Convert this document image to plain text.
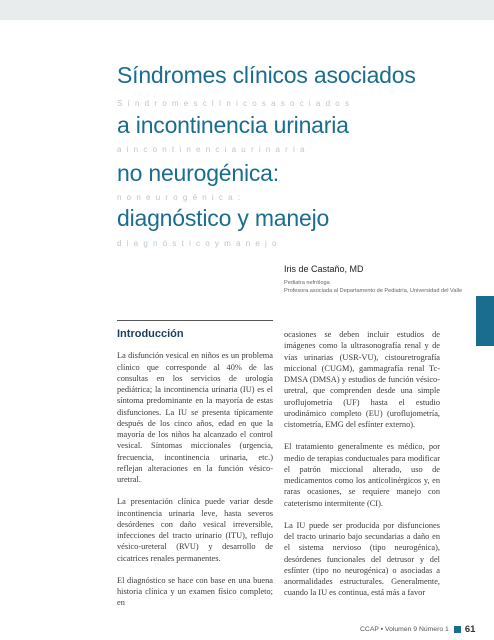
Síndromes clínicos asociados
S í n d r o m e s c l í n i c o s a s o c i a d o s
a incontinencia urinaria
a i n c o n t i n e n c i a u r i n a r i a
no neurogénica:
n o n e u r o g é n i c a :
diagnóstico y manejo
d i a g n ó s t i c o y m a n e j o
Iris de Castaño, MD
Pediatra nefróloga
Profesora asociada al Departamento de Pediatría, Universidad del Valle
Introducción

La disfunción vesical en niños es un problema clínico que corresponde al 40% de las consultas en los servicios de urología pediátrica; la incontinencia urinaria (IU) es el síntoma predominante en la mayoría de estas disfunciones. La IU se presenta típicamente después de los cinco años, edad en que la mayoría de los niños ha alcanzado el control vesical. Síntomas miccionales (urgencia, frecuencia, incontinencia urinaria, etc.) reflejan alteraciones en la función vésico-uretral.

La presentación clínica puede variar desde incontinencia urinaria leve, hasta severos desórdenes con daño vesical irreversible, infecciones del tracto urinario (ITU), reflujo vésico-ureteral (RVU) y desarrollo de cicatrices renales permanentes.

El diagnóstico se hace con base en una buena historia clínica y un examen físico completo; en

ocasiones se deben incluir estudios de imágenes como la ultrasonografía renal y de vías urinarias (USR-VU), cistouretrografía miccional (CUGM), gammagrafía renal Tc-DMSA (DMSA) y estudios de función vésico-uretral, que comprenden desde una simple uroflujometría (UF) hasta el estudio urodinámico completo (EU) (uroflujometría, cistometría, EMG del esfínter externo).

El tratamiento generalmente es médico, por medio de terapias conductuales para modificar el patrón miccional alterado, uso de medicamentos como los anticolinérgicos y, en raras ocasiones, se requiere manejo con cateterismo intermitente (CI).

La IU puede ser producida por disfunciones del tracto urinario bajo secundarias a daño en el sistema nervioso (tipo neurogénica), desórdenes funcionales del detrusor y del esfínter (tipo no neurogénica) o asociadas a anormalidades estructurales. Generalmente, cuando la IU es continua, está más a favor

CCAP ▪ Volumen 9 Número 1 61
